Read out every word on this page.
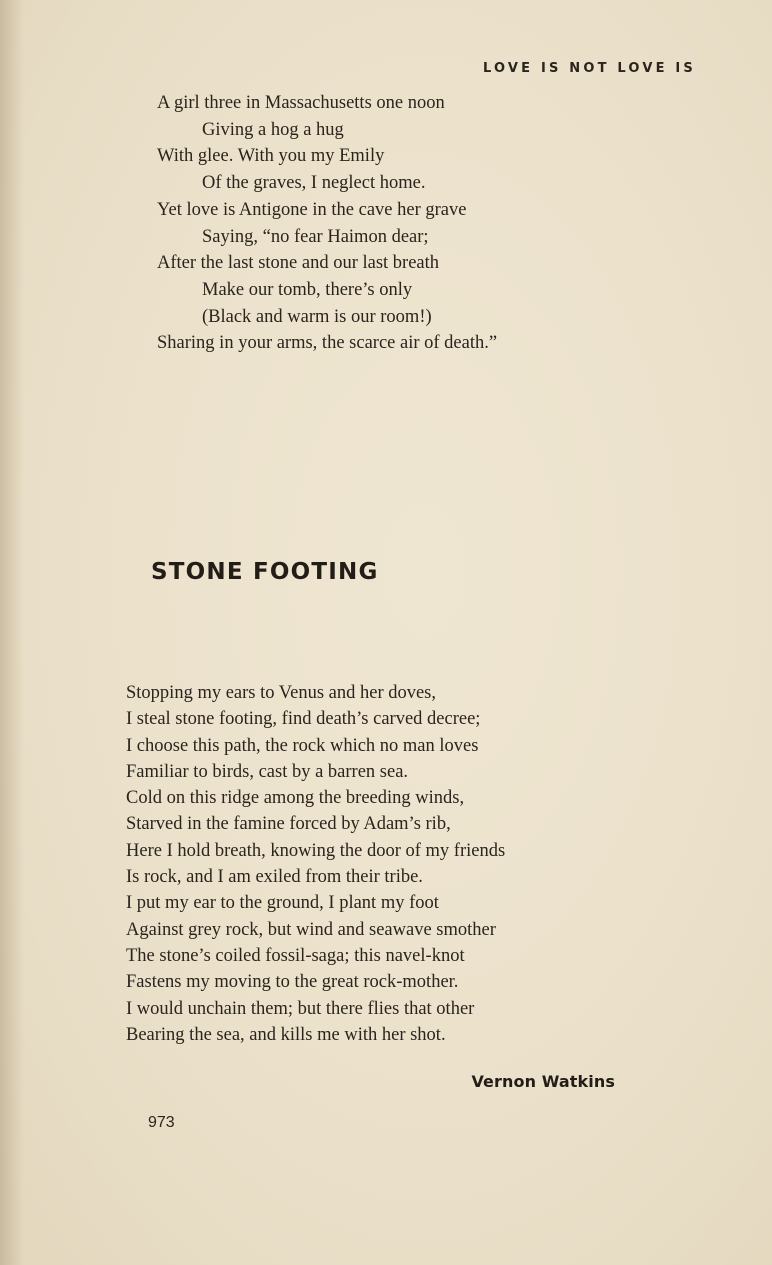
LOVE IS NOT LOVE IS
A girl three in Massachusetts one noon
Giving a hog a hug
With glee. With you my Emily
Of the graves, I neglect home.
Yet love is Antigone in the cave her grave
Saying, “no fear Haimon dear;
After the last stone and our last breath
Make our tomb, there’s only
(Black and warm is our room!)
Sharing in your arms, the scarce air of death.”
STONE FOOTING
Stopping my ears to Venus and her doves,
I steal stone footing, find death’s carved decree;
I choose this path, the rock which no man loves
Familiar to birds, cast by a barren sea.
Cold on this ridge among the breeding winds,
Starved in the famine forced by Adam’s rib,
Here I hold breath, knowing the door of my friends
Is rock, and I am exiled from their tribe.
I put my ear to the ground, I plant my foot
Against grey rock, but wind and seawave smother
The stone’s coiled fossil-saga; this navel-knot
Fastens my moving to the great rock-mother.
I would unchain them; but there flies that other
Bearing the sea, and kills me with her shot.

Vernon Watkins

973
